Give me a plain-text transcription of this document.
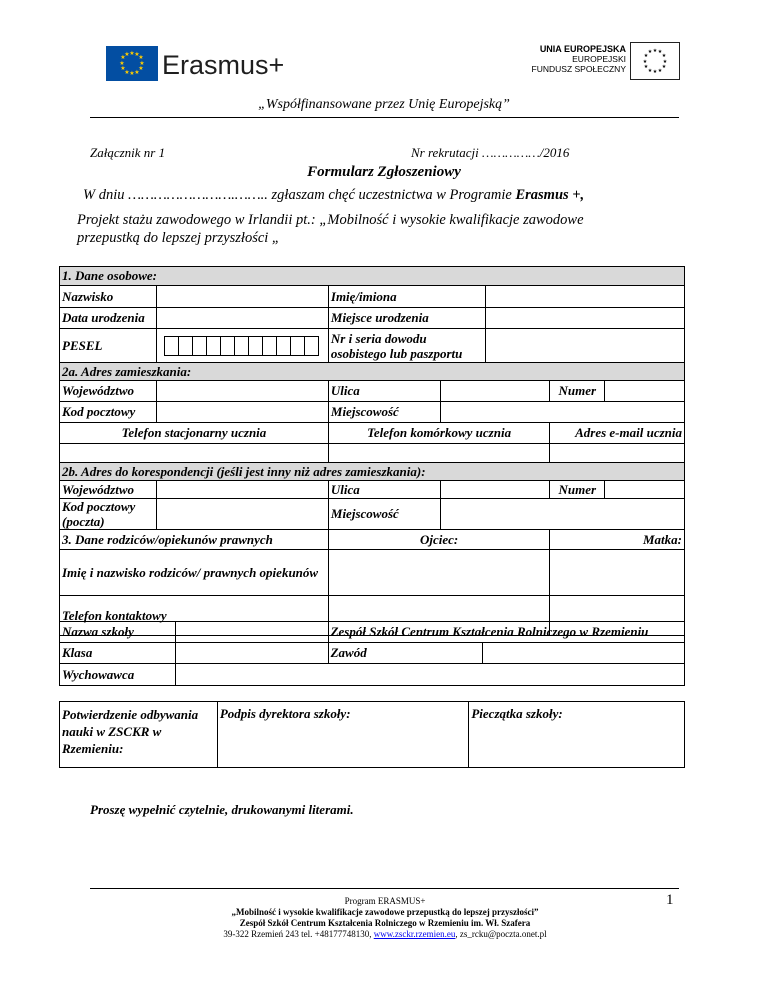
★ ★
★
★
★
★
★
★
★
★
★
★ Erasmus+
UNIA EUROPEJSKA
EUROPEJSKI
FUNDUSZ SPOŁECZNY
★ ★
★
★
★
★
★
★
★
★
★
★
„Współfinansowane przez Unię Europejską”
Załącznik nr 1	Nr rekrutacji ……………/2016
Formularz Zgłoszeniowy
W dniu …………………….…….. zgłaszam chęć uczestnictwa w Programie Erasmus +,
Projekt stażu zawodowego w Irlandii pt.: „Mobilność i wysokie kwalifikacje zawodowe
przepustką do lepszej przyszłości „
1. Dane osobowe:						
Nazwisko		Imię/imiona				
Data urodzenia		Miejsce urodzenia				
PESEL		Nr i seria dowodu osobistego lub paszportu				
2a. Adres zamieszkania:						
Województwo		Ulica			Numer	
Kod pocztowy		Miejscowość				
Telefon stacjonarny ucznia		Telefon komórkowy ucznia			Adres e-mail ucznia	

2b. Adres do korespondencji (jeśli jest inny niż adres zamieszkania):						
Województwo		Ulica			Numer	
Kod pocztowy (poczta)		Miejscowość				
3. Dane rodziców/opiekunów prawnych		Ojciec:			Matka:	
Imię i nazwisko rodziców/ prawnych opiekunów						
Telefon kontaktowy						
Nazwa szkoły		Zespół Szkół Centrum Kształcenia Rolniczego w Rzemieniu	
Klasa		Zawód	
Wychowawca			
Potwierdzenie odbywania nauki w ZSCKR w Rzemieniu:	Podpis dyrektora szkoły:	Pieczątka szkoły:
Proszę wypełnić czytelnie, drukowanymi literami.
1
Program ERASMUS+
„Mobilność i wysokie kwalifikacje zawodowe przepustką do lepszej przyszłości”
Zespół Szkół Centrum Kształcenia Rolniczego w Rzemieniu im. Wł. Szafera
39-322 Rzemień 243 tel. +48177748130, www.zsckr.rzemien.eu, zs_rcku@poczta.onet.pl
